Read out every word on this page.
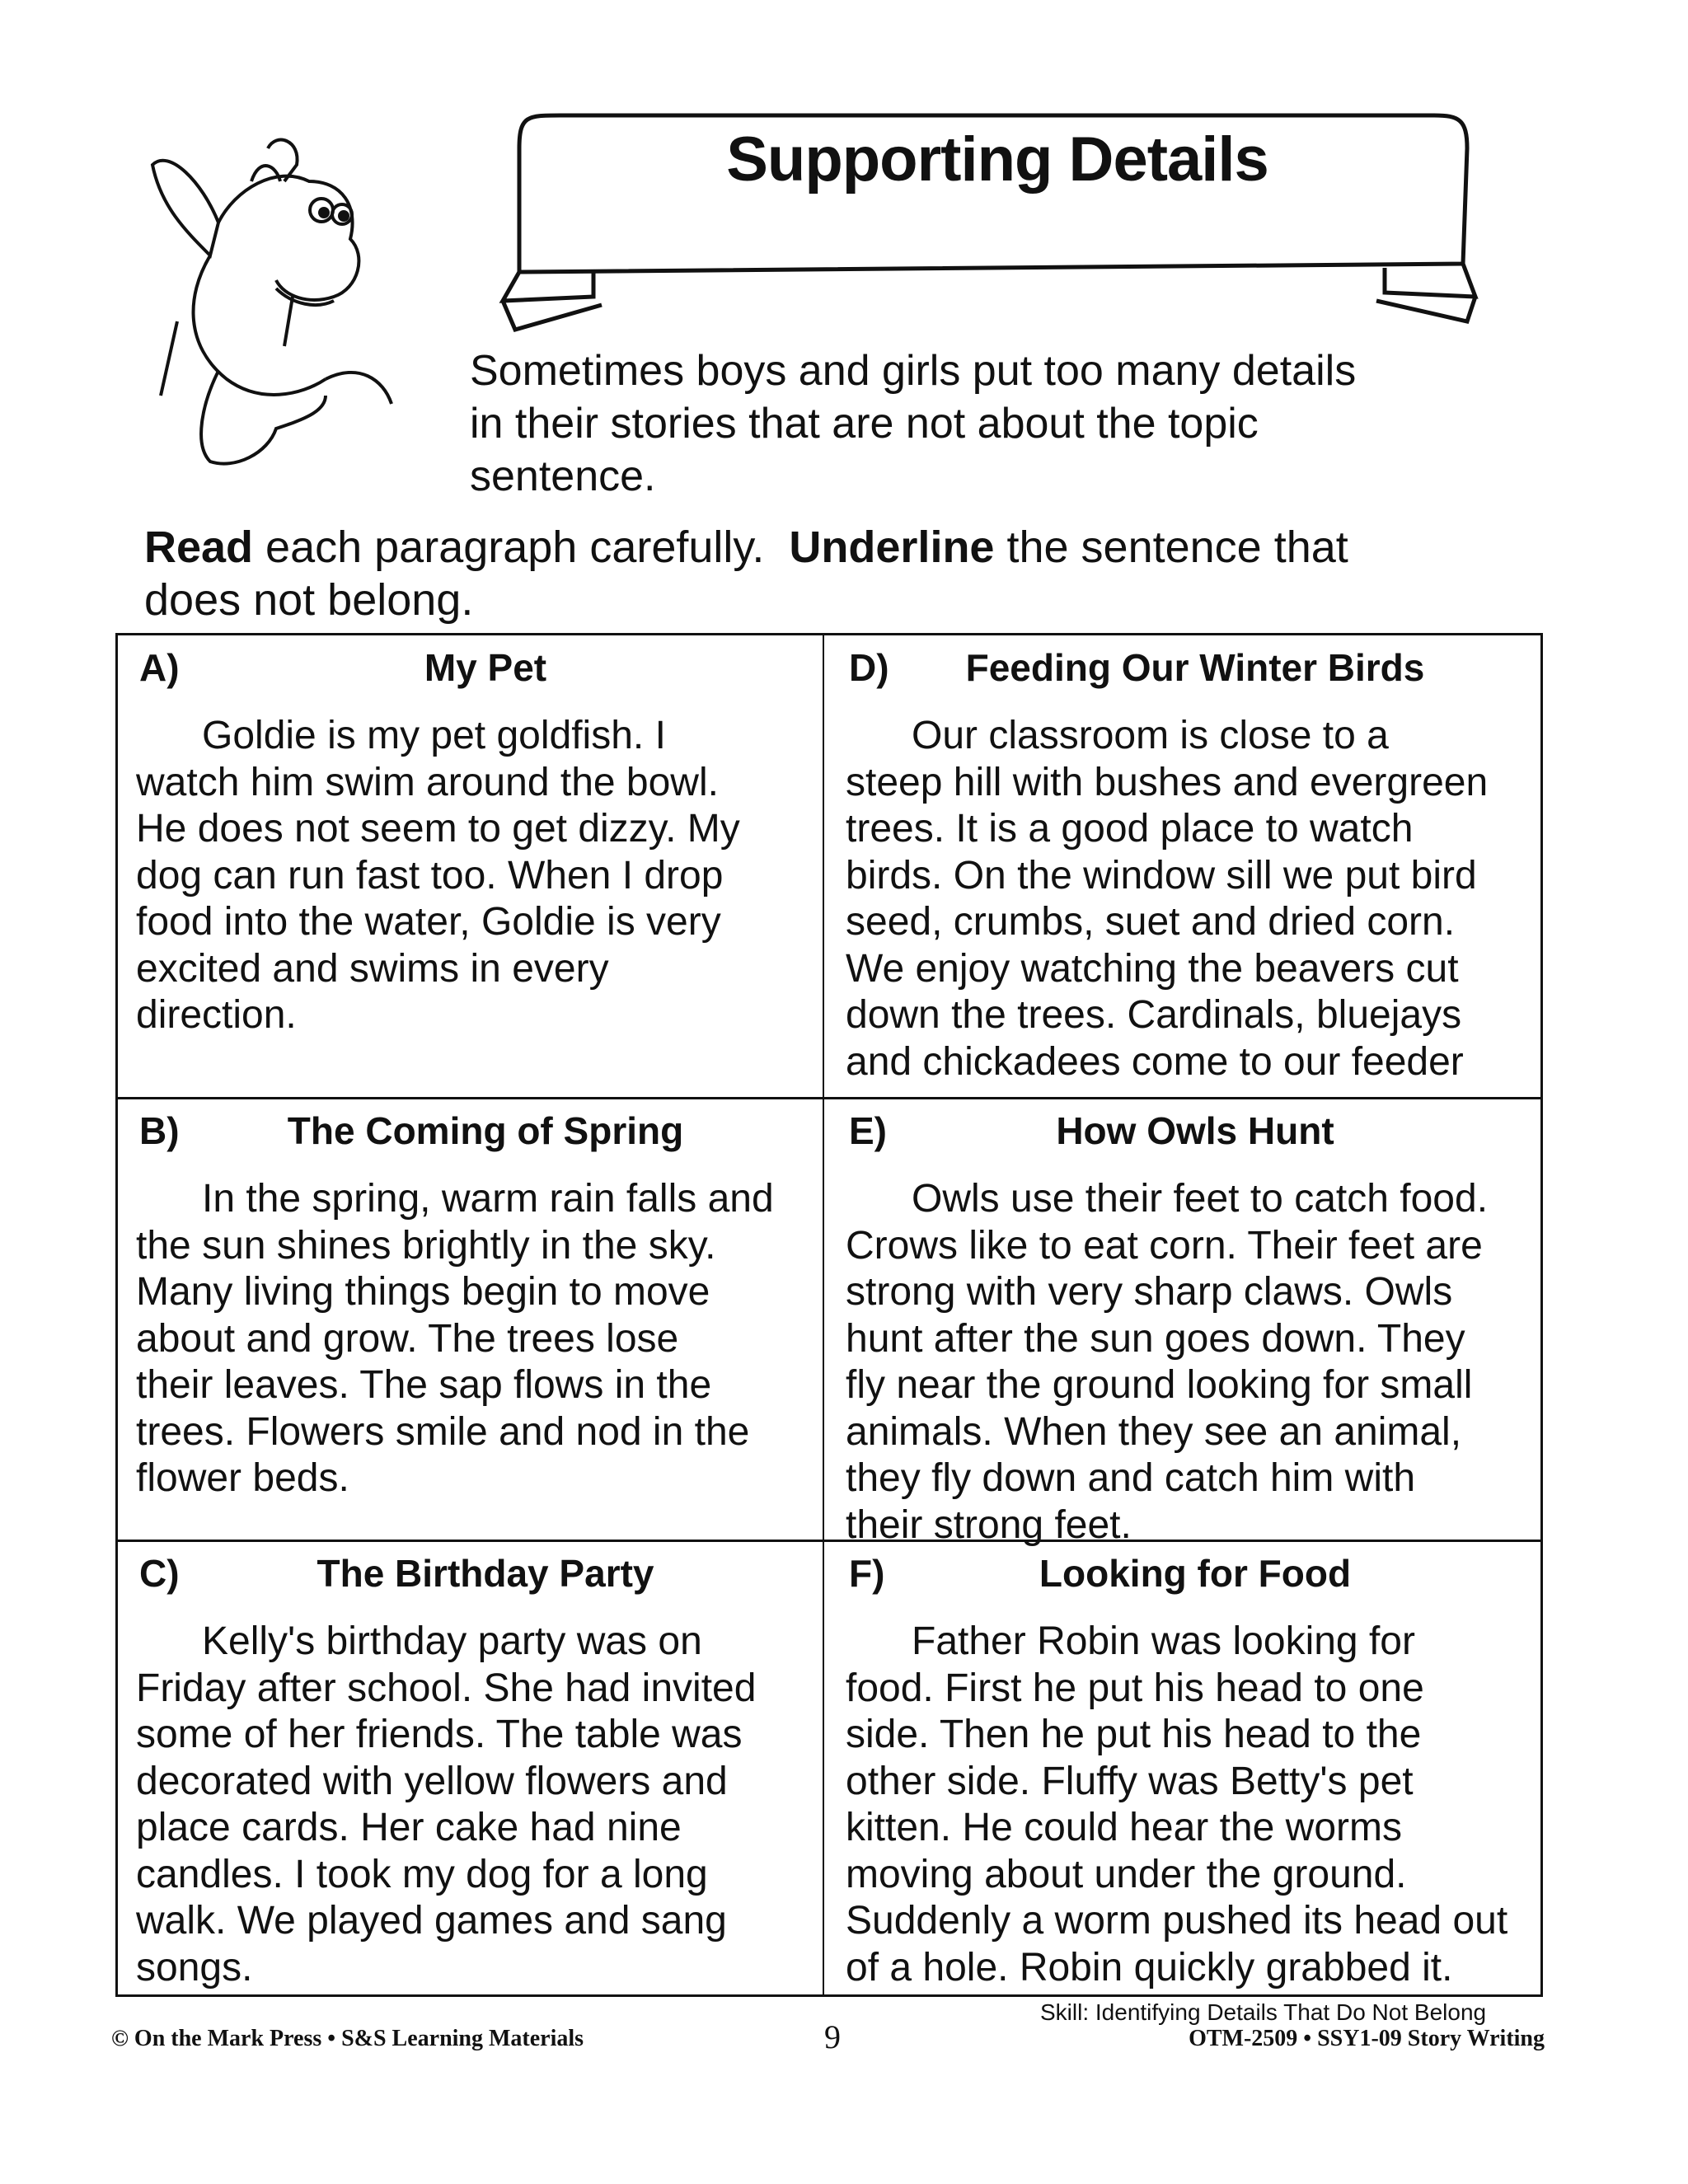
Supporting Details
Sometimes boys and girls put too many details
in their stories that are not about the topic
sentence.
Read each paragraph carefully.  Underline the sentence that
does not belong.
A)	My Pet
Goldie is my pet goldfish. I
watch him swim around the bowl.
He does not seem to get dizzy. My
dog can run fast too. When I drop
food into the water, Goldie is very
excited and swims in every
direction.
B)	The Coming of Spring
In the spring, warm rain falls and
the sun shines brightly in the sky.
Many living things begin to move
about and grow. The trees lose
their leaves. The sap flows in the
trees. Flowers smile and nod in the
flower beds.
C)	The Birthday Party
Kelly's birthday party was on
Friday after school. She had invited
some of her friends. The table was
decorated with yellow flowers and
place cards. Her cake had nine
candles. I took my dog for a long
walk. We played games and sang
songs.
D)	Feeding Our Winter Birds
Our classroom is close to a
steep hill with bushes and evergreen
trees. It is a good place to watch
birds. On the window sill we put bird
seed, crumbs, suet and dried corn.
We enjoy watching the beavers cut
down the trees. Cardinals, bluejays
and chickadees come to our feeder
E)	How Owls Hunt
Owls use their feet to catch food.
Crows like to eat corn. Their feet are
strong with very sharp claws. Owls
hunt after the sun goes down. They
fly near the ground looking for small
animals. When they see an animal,
they fly down and catch him with
their strong feet.
F)	Looking for Food
Father Robin was looking for
food. First he put his head to one
side. Then he put his head to the
other side. Fluffy was Betty's pet
kitten. He could hear the worms
moving about under the ground.
Suddenly a worm pushed its head out
of a hole. Robin quickly grabbed it.
© On the Mark Press • S&S Learning Materials	9
Skill: Identifying Details That Do Not Belong
OTM-2509 • SSY1-09 Story Writing
